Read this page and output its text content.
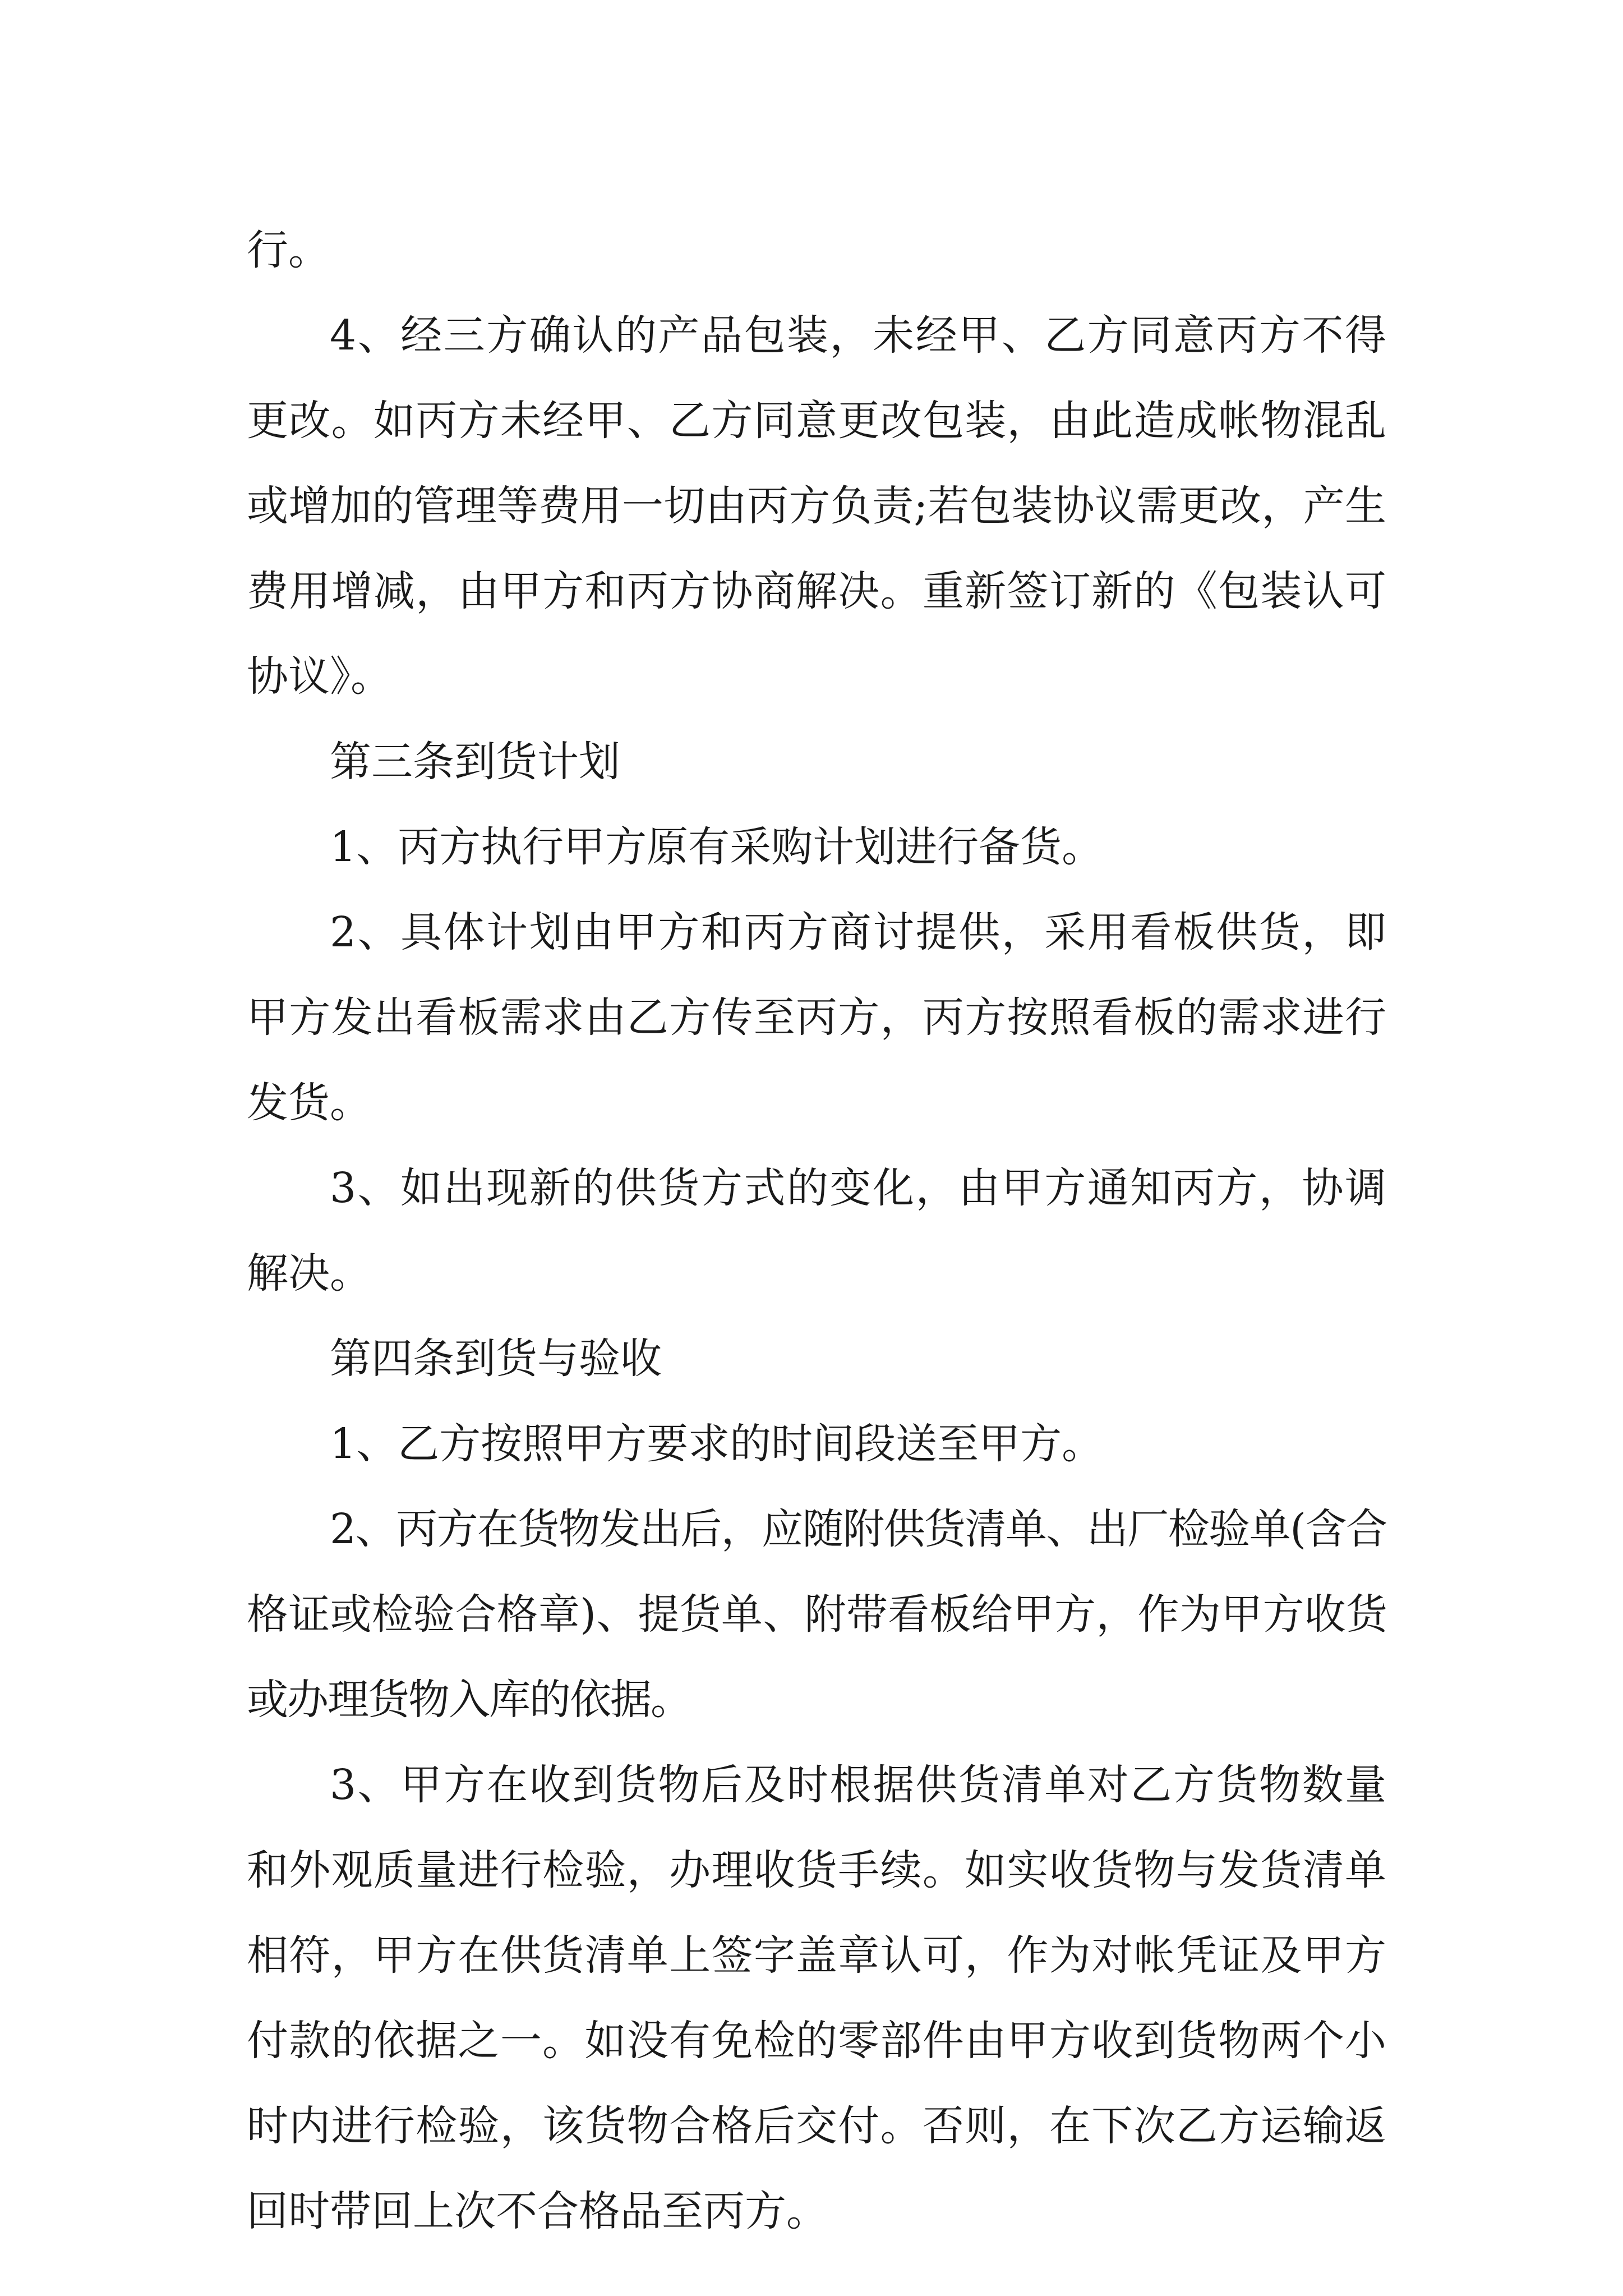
行。

4、经三方确认的产品包装，未经甲、乙方同意丙方不得更改。如丙方未经甲、乙方同意更改包装，由此造成帐物混乱或增加的管理等费用一切由丙方负责;若包装协议需更改，产生费用增减，由甲方和丙方协商解决。重新签订新的《包装认可协议》。

第三条到货计划

1、丙方执行甲方原有采购计划进行备货。

2、具体计划由甲方和丙方商讨提供，采用看板供货，即甲方发出看板需求由乙方传至丙方，丙方按照看板的需求进行发货。

3、如出现新的供货方式的变化，由甲方通知丙方，协调解决。

第四条到货与验收

1、乙方按照甲方要求的时间段送至甲方。

2、丙方在货物发出后，应随附供货清单、出厂检验单(含合格证或检验合格章)、提货单、附带看板给甲方，作为甲方收货或办理货物入库的依据。

3、甲方在收到货物后及时根据供货清单对乙方货物数量和外观质量进行检验，办理收货手续。如实收货物与发货清单相符，甲方在供货清单上签字盖章认可，作为对帐凭证及甲方付款的依据之一。如没有免检的零部件由甲方收到货物两个小时内进行检验，该货物合格后交付。否则，在下次乙方运输返回时带回上次不合格品至丙方。
